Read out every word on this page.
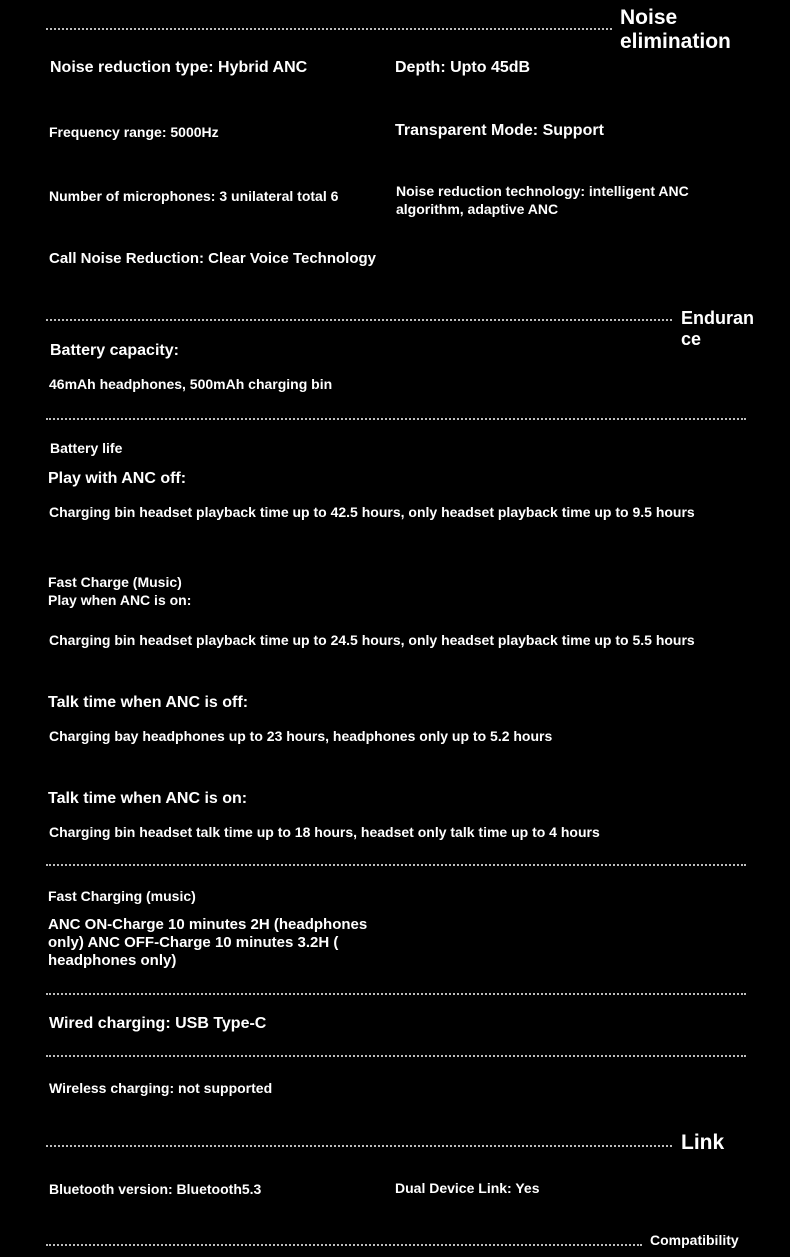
Noise elimination
Noise reduction type: Hybrid ANC	Depth: Upto 45dB
Frequency range: 5000Hz	Transparent Mode: Support
Number of microphones: 3 unilateral total 6	Noise reduction technology: intelligent ANC algorithm, adaptive ANC
Call Noise Reduction: Clear Voice Technology
Enduran
ce
Battery capacity:
46mAh headphones, 500mAh charging bin
Battery life
Play with ANC off:
Charging bin headset playback time up to 42.5 hours, only headset playback time up to 9.5 hours
Fast Charge (Music)
Play when ANC is on:
Charging bin headset playback time up to 24.5 hours, only headset playback time up to 5.5 hours
Talk time when ANC is off:
Charging bay headphones up to 23 hours, headphones only up to 5.2 hours
Talk time when ANC is on:
Charging bin headset talk time up to 18 hours, headset only talk time up to 4 hours
Fast Charging (music)
ANC ON-Charge 10 minutes 2H (headphones only) ANC OFF-Charge 10 minutes 3.2H ( headphones only)
Wired charging: USB Type-C
Wireless charging: not supported
Link
Bluetooth version: Bluetooth5.3	Dual Device Link: Yes
Compatibility
